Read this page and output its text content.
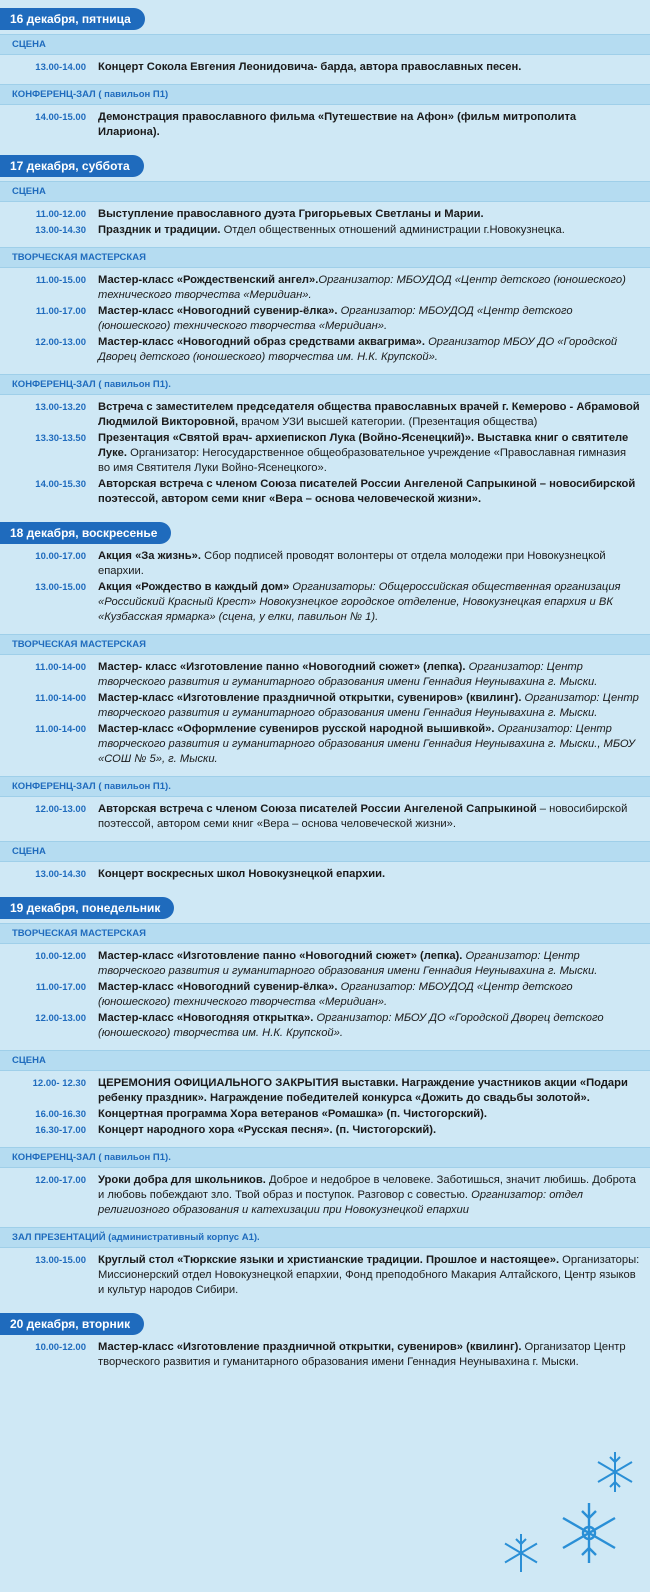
16 декабря, пятница
СЦЕНА
13.00-14.00	Концерт Сокола Евгения Леонидовича- барда, автора православных песен.
КОНФЕРЕНЦ-ЗАЛ ( павильон П1)
14.00-15.00	Демонстрация православного фильма «Путешествие на Афон» (фильм митрополита Илариона).
17 декабря, суббота
СЦЕНА
11.00-12.00	Выступление православного дуэта Григорьевых Светланы и Марии.
13.00-14.30	Праздник и традиции. Отдел общественных отношений администрации г.Новокузнецка.
ТВОРЧЕСКАЯ МАСТЕРСКАЯ
11.00-15.00	Мастер-класс «Рождественский ангел».Организатор: МБОУДОД «Центр детского (юношеского) технического творчества «Меридиан».
11.00-17.00	Мастер-класс «Новогодний сувенир-ёлка». Организатор: МБОУДОД «Центр детского (юношеского) технического творчества «Меридиан».
12.00-13.00	Мастер-класс «Новогодний образ средствами аквагрима». Организатор МБОУ ДО «Городской Дворец детского (юношеского) творчества им. Н.К. Крупской».
КОНФЕРЕНЦ-ЗАЛ ( павильон П1).
13.00-13.20	Встреча с заместителем председателя общества православных врачей г. Кемерово - Абрамовой Людмилой Викторовной, врачом УЗИ высшей категории. (Презентация общества)
13.30-13.50	Презентация «Святой врач- архиепископ Лука (Войно-Ясенецкий)». Выставка книг о святителе Луке. Организатор: Негосударственное общеобразовательное учреждение «Православная гимназия во имя Святителя Луки Войно-Ясенецкого».
14.00-15.30	Авторская встреча с членом Союза писателей России Ангеленой Сапрыкиной – новосибирской поэтессой, автором семи книг «Вера – основа человеческой жизни».
18 декабря, воскресенье
10.00-17.00	Акция «За жизнь». Сбор подписей проводят волонтеры от отдела молодежи при Новокузнецкой епархии.
13.00-15.00	Акция «Рождество в каждый дом» Организаторы: Общероссийская общественная организация «Российский Красный Крест» Новокузнецкое городское отделение, Новокузнецкая епархия и ВК «Кузбасская ярмарка» (сцена, у елки, павильон № 1).
ТВОРЧЕСКАЯ МАСТЕРСКАЯ
11.00-14-00	Мастер- класс «Изготовление панно «Новогодний сюжет» (лепка). Организатор: Центр творческого развития и гуманитарного образования имени Геннадия Неунывахина г. Мыски.
11.00-14-00	Мастер-класс «Изготовление праздничной открытки, сувениров» (квилинг). Организатор: Центр творческого развития и гуманитарного образования имени Геннадия Неунывахина г. Мыски.
11.00-14-00	Мастер-класс «Оформление сувениров русской народной вышивкой». Организатор: Центр творческого развития и гуманитарного образования имени Геннадия Неунывахина г. Мыски., МБОУ «СОШ № 5», г. Мыски.
КОНФЕРЕНЦ-ЗАЛ ( павильон П1).
12.00-13.00	Авторская встреча с членом Союза писателей России Ангеленой Сапрыкиной – новосибирской поэтессой, автором семи книг «Вера – основа человеческой жизни».
СЦЕНА
13.00-14.30	Концерт воскресных школ Новокузнецкой епархии.
19 декабря, понедельник
ТВОРЧЕСКАЯ МАСТЕРСКАЯ
10.00-12.00	Мастер-класс «Изготовление панно «Новогодний сюжет» (лепка). Организатор: Центр творческого развития и гуманитарного образования имени Геннадия Неунывахина г. Мыски.
11.00-17.00	Мастер-класс «Новогодний сувенир-ёлка». Организатор: МБОУДОД «Центр детского (юношеского) технического творчества «Меридиан».
12.00-13.00	Мастер-класс «Новогодняя открытка». Организатор: МБОУ ДО «Городской Дворец детского (юношеского) творчества им. Н.К. Крупской».
СЦЕНА
12.00- 12.30	ЦЕРЕМОНИЯ ОФИЦИАЛЬНОГО ЗАКРЫТИЯ выставки. Награждение участников акции «Подари ребенку праздник». Награждение победителей конкурса «Дожить до свадьбы золотой».
16.00-16.30	Концертная программа Хора ветеранов «Ромашка» (п. Чистогорский).
16.30-17.00	Концерт народного хора «Русская песня». (п. Чистогорский).
КОНФЕРЕНЦ-ЗАЛ ( павильон П1).
12.00-17.00	Уроки добра для школьников. Доброе и недоброе в человеке. Заботишься, значит любишь. Доброта и любовь побеждают зло. Твой образ и поступок. Разговор с совестью. Организатор: отдел религиозного образования и катехизации при Новокузнецкой епархии
ЗАЛ ПРЕЗЕНТАЦИЙ (административный корпус А1).
13.00-15.00	Круглый стол «Тюркские языки и христианские традиции. Прошлое и настоящее». Организаторы: Миссионерский отдел Новокузнецкой епархии, Фонд преподобного Макария Алтайского, Центр языков и культур народов Сибири.
20 декабря, вторник
10.00-12.00	Мастер-класс «Изготовление праздничной открытки, сувениров» (квилинг). Организатор Центр творческого развития и гуманитарного образования имени Геннадия Неунывахина г. Мыски.
